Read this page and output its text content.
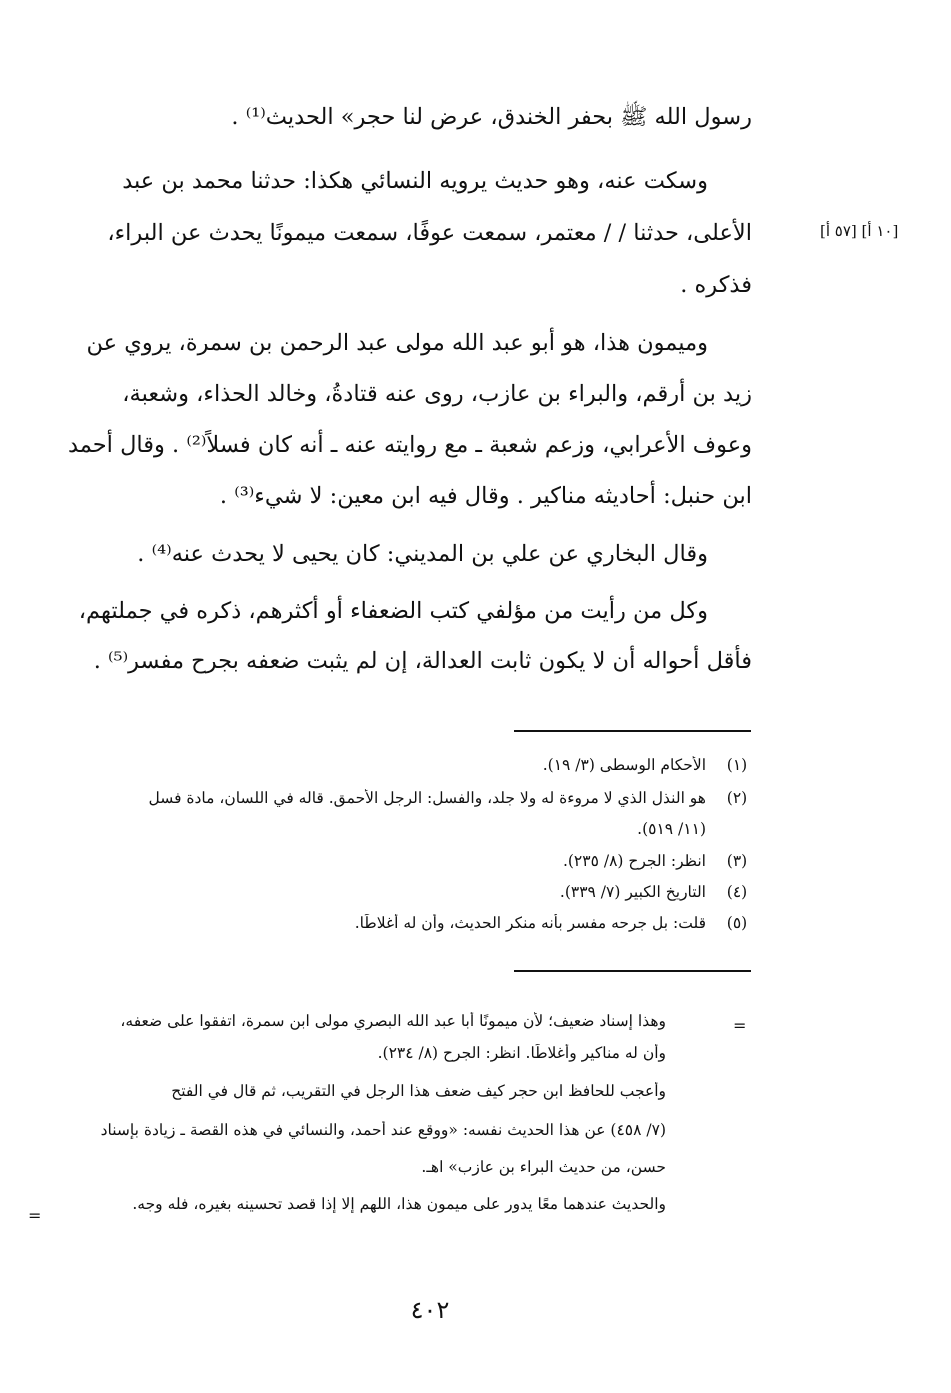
رسول الله ﷺ بحفر الخندق، عرض لنا حجر» الحديث⁽¹⁾ .
وسكت عنه، وهو حديث يرويه النسائي هكذا: حدثنا محمد بن عبد
الأعلى، حدثنا / / معتمر، سمعت عوفًا، سمعت ميمونًا يحدث عن البراء،
فذكره .
وميمون هذا، هو أبو عبد الله مولى عبد الرحمن بن سمرة، يروي عن
زيد بن أرقم، والبراء بن عازب، روى عنه قتادةُ، وخالد الحذاء، وشعبة،
وعوف الأعرابي، وزعم شعبة ـ مع روايته عنه ـ أنه كان فسلاً⁽²⁾ . وقال أحمد
ابن حنبل: أحاديثه مناكير . وقال فيه ابن معين: لا شيء⁽³⁾ .
وقال البخاري عن علي بن المديني: كان يحيى لا يحدث عنه⁽⁴⁾ .
وكل من رأيت من مؤلفي كتب الضعفاء أو أكثرهم، ذكره في جملتهم،
فأقل أحواله أن لا يكون ثابت العدالة، إن لم يثبت ضعفه بجرح مفسر⁽⁵⁾ .
[١٠ أ] [٥٧ أ]
(١)
الأحكام الوسطى (٣/ ١٩).
(٢)
هو النذل الذي لا مروءة له ولا جلد، والفسل: الرجل الأحمق. قاله في اللسان، مادة فسل
(١١/ ٥١٩).
(٣)
انظر: الجرح (٨/ ٢٣٥).
(٤)
التاريخ الكبير (٧/ ٣٣٩).
(٥)
قلت: بل جرحه مفسر بأنه منكر الحديث، وأن له أغلاطًا.
=
وهذا إسناد ضعيف؛ لأن ميمونًا أبا عبد الله البصري مولى ابن سمرة، اتفقوا على ضعفه،
وأن له مناكير وأغلاطًا. انظر: الجرح (٨/ ٢٣٤).
وأعجب للحافظ ابن حجر كيف ضعف هذا الرجل في التقريب، ثم قال في الفتح
(٧/ ٤٥٨) عن هذا الحديث نفسه: «ووقع عند أحمد، والنسائي في هذه القصة ـ زيادة بإسناد
حسن، من حديث البراء بن عازب» اهـ.
والحديث عندهما معًا يدور على ميمون هذا، اللهم إلا إذا قصد تحسينه بغيره، فله وجه.
=
٤٠٢
